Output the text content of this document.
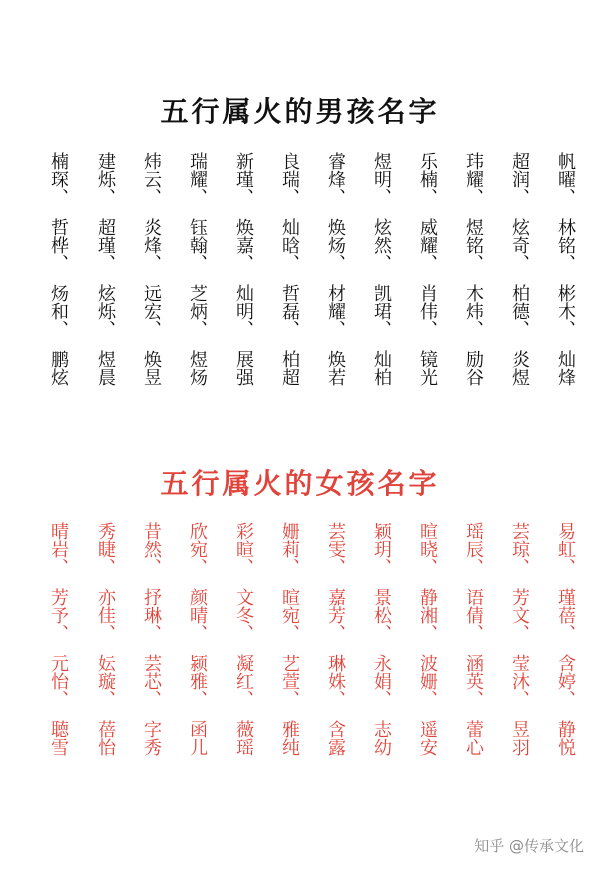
五行属火的男孩名字
帆曜、林铭、彬木、灿烽
超润、炫奇、柏德、炎煜
玮耀、煜铭、木炜、励谷
乐楠、威耀、肖伟、镜光
煜明、炫然、凯珺、灿柏
睿烽、焕炀、材耀、焕若
良瑞、灿晗、哲磊、柏超
新瑾、焕嘉、灿明、展强
瑞耀、钰翰、芝炳、煜炀
炜云、炎烽、远宏、焕昱
建烁、超瑾、炫烁、煜晨
楠琛、哲桦、炀和、鹏炫
五行属火的女孩名字
易虹、瑾蓓、含婷、静悦
芸琼、芳文、莹沐、昱羽
瑶辰、语倩、涵英、蕾心
暄晓、静湘、波姗、遥安
颖玥、景松、永娟、志幼
芸雯、嘉芳、琳姝、含露
姗莉、暄宛、艺萱、雅纯
彩暄、文冬、凝红、薇瑶
欣宛、颜晴、颍雅、函儿
昔然、抒琳、芸芯、字秀
秀睫、亦佳、妘璇、蓓怡
晴岩、芳予、元怡、聴雪
知乎 @传承文化
